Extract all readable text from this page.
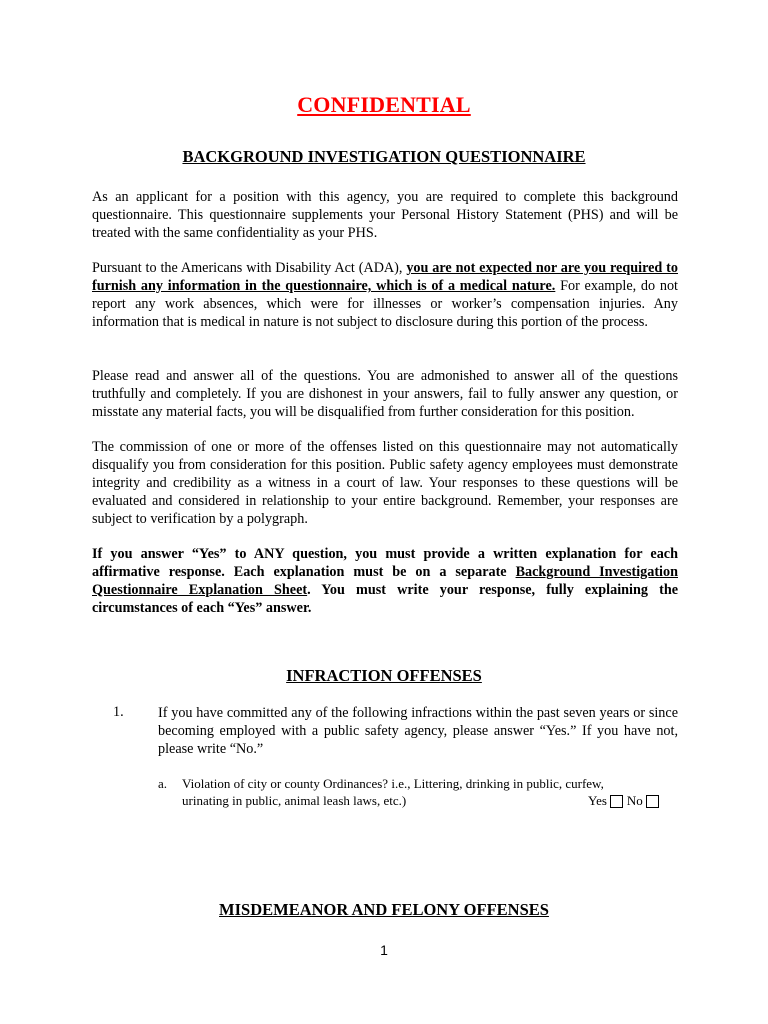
CONFIDENTIAL
BACKGROUND INVESTIGATION QUESTIONNAIRE

As an applicant for a position with this agency, you are required to complete this background questionnaire. This questionnaire supplements your Personal History Statement (PHS) and will be treated with the same confidentiality as your PHS.

Pursuant to the Americans with Disability Act (ADA), you are not expected nor are you required to furnish any information in the questionnaire, which is of a medical nature. For example, do not report any work absences, which were for illnesses or worker’s compensation injuries. Any information that is medical in nature is not subject to disclosure during this portion of the process.

Please read and answer all of the questions. You are admonished to answer all of the questions truthfully and completely. If you are dishonest in your answers, fail to fully answer any question, or misstate any material facts, you will be disqualified from further consideration for this position.

The commission of one or more of the offenses listed on this questionnaire may not automatically disqualify you from consideration for this position. Public safety agency employees must demonstrate integrity and credibility as a witness in a court of law. Your responses to these questions will be evaluated and considered in relationship to your entire background. Remember, your responses are subject to verification by a polygraph.

If you answer “Yes” to ANY question, you must provide a written explanation for each affirmative response. Each explanation must be on a separate Background Investigation Questionnaire Explanation Sheet. You must write your response, fully explaining the circumstances of each “Yes” answer.

INFRACTION OFFENSES
1. If you have committed any of the following infractions within the past seven years or since becoming employed with a public safety agency, please answer “Yes.” If you have not, please write “No.”

a. Violation of city or county Ordinances? i.e., Littering, drinking in public, curfew,
urinating in public, animal leash laws, etc.)	Yes No
MISDEMEANOR AND FELONY OFFENSES
1
